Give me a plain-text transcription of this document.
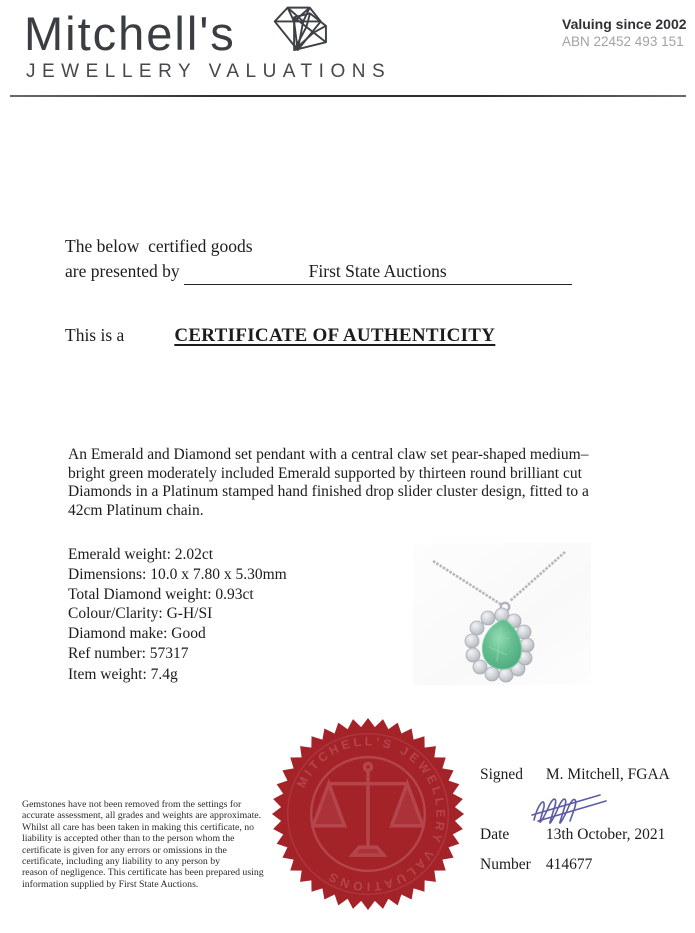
Mitchell's
JEWELLERY VALUATIONS
Valuing since 2002
ABN 22452 493 151
The below  certified goods
are presented by	First State Auctions
This is a	CERTIFICATE OF AUTHENTICITY
An Emerald and Diamond set pendant with a central claw set pear-shaped medium–
bright green moderately included Emerald supported by thirteen round brilliant cut
Diamonds in a Platinum stamped hand finished drop slider cluster design, fitted to a
42cm Platinum chain.
Emerald weight: 2.02ct
Dimensions: 10.0 x 7.80 x 5.30mm
Total Diamond weight: 0.93ct
Colour/Clarity: G-H/SI
Diamond make: Good
Ref number: 57317
Item weight: 7.4g
Gemstones have not been removed from the settings for
accurate assessment, all grades and weights are approximate.
Whilst all care has been taken in making this certificate, no
liability is accepted other than to the person whom the
certificate is given for any errors or omissions in the
certificate, including any liability to any person by
reason of negligence. This certificate has been prepared using
information supplied by First State Auctions.
MITCHELL'S JEWELLERY VALUATIONS
Signed M. Mitchell, FGAA
Date 13th October, 2021
Number 414677
